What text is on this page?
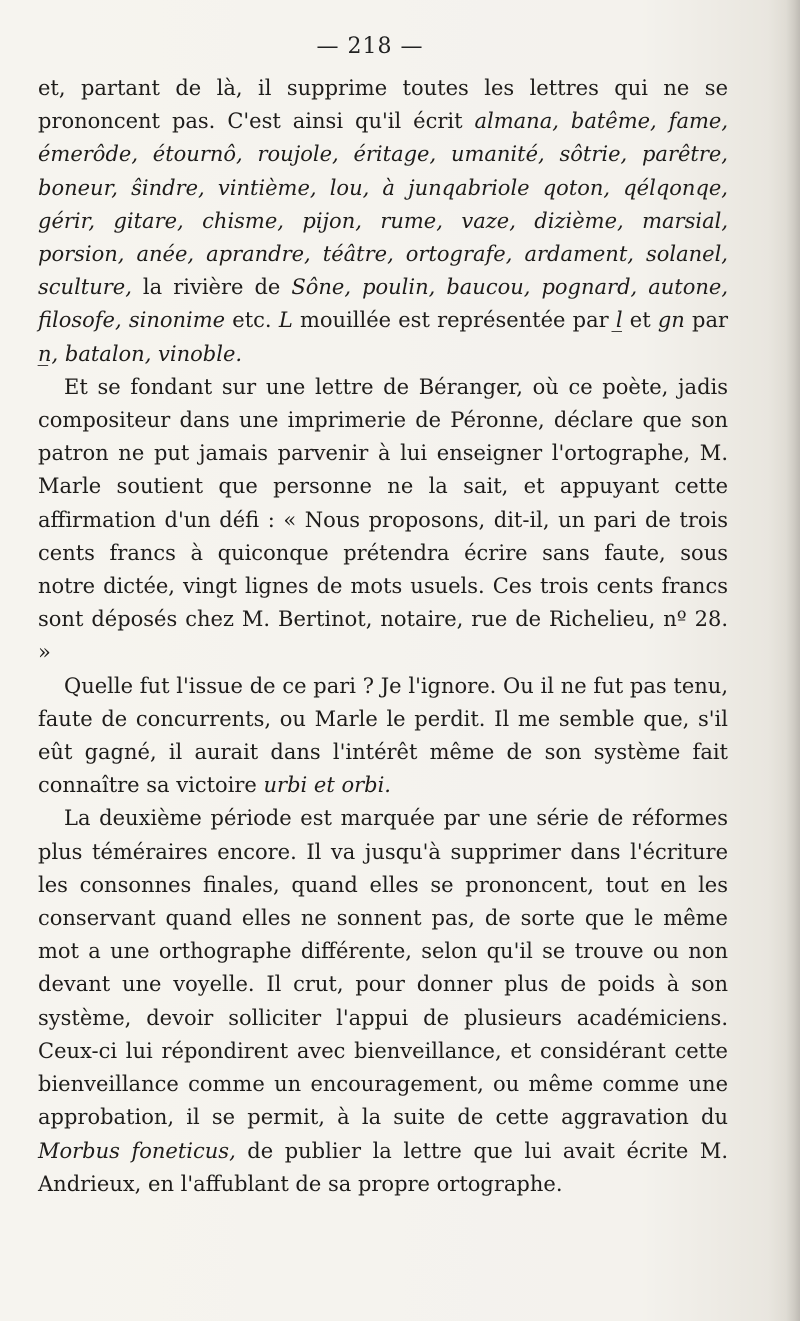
— 218 —

et, partant de là, il supprime toutes les lettres qui ne se prononcent pas. C'est ainsi qu'il écrit almana, batême, fame, émerôde, étournô, roujole, éritage, umanité, sôtrie, parêtre, boneur, ŝindre, vintième, lou, à junqabriole qoton, qélqonqe, gérir, gitare, chisme, pijon, rume, vaze, dizième, marsial, porsion, anée, aprandre, téâtre, ortografe, ardament, solanel, sculture, la rivière de Sône, poulin, baucou, pognard, autone, filosofe, sinonime etc. L mouillée est représentée par l̲ et gn par n̲, batalon, vinoble.

Et se fondant sur une lettre de Béranger, où ce poète, jadis compositeur dans une imprimerie de Péronne, déclare que son patron ne put jamais parvenir à lui enseigner l'ortographe, M. Marle soutient que personne ne la sait, et appuyant cette affirmation d'un défi : « Nous proposons, dit-il, un pari de trois cents francs à quiconque prétendra écrire sans faute, sous notre dictée, vingt lignes de mots usuels. Ces trois cents francs sont déposés chez M. Bertinot, notaire, rue de Richelieu, nº 28. »

Quelle fut l'issue de ce pari ? Je l'ignore. Ou il ne fut pas tenu, faute de concurrents, ou Marle le perdit. Il me semble que, s'il eût gagné, il aurait dans l'intérêt même de son système fait connaître sa victoire urbi et orbi.

La deuxième période est marquée par une série de réformes plus téméraires encore. Il va jusqu'à supprimer dans l'écriture les consonnes finales, quand elles se prononcent, tout en les conservant quand elles ne sonnent pas, de sorte que le même mot a une orthographe différente, selon qu'il se trouve ou non devant une voyelle. Il crut, pour donner plus de poids à son système, devoir solliciter l'appui de plusieurs académiciens. Ceux-ci lui répondirent avec bienveillance, et considérant cette bienveillance comme un encouragement, ou même comme une approbation, il se permit, à la suite de cette aggravation du Morbus foneticus, de publier la lettre que lui avait écrite M. Andrieux, en l'affublant de sa propre ortographe.
